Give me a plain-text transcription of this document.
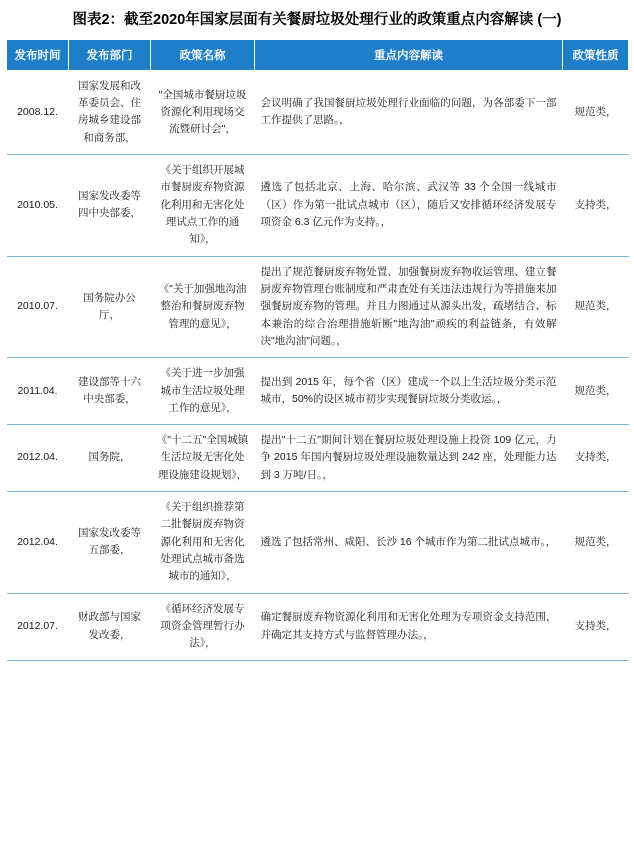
图表2：截至2020年国家层面有关餐厨垃圾处理行业的政策重点内容解读 (一)
发布时间	发布部门	政策名称	重点内容解读	政策性质
2008.12.	国家发展和改革委员会、住房城乡建设部和商务部，	"全国城市餐厨垃圾资源化利用现场交流暨研讨会"，	会议明确了我国餐厨垃圾处理行业面临的问题，为各部委下一部工作提供了思路。，	规范类，
2010.05.	国家发改委等四中央部委，	《关于组织开展城市餐厨废弃物资源化利用和无害化处理试点工作的通知》，	遴选了包括北京、上海、哈尔滨、武汉等 33 个全国一线城市（区）作为第一批试点城市（区），随后又安排循环经济发展专项资金 6.3 亿元作为支持。，	支持类，
2010.07.	国务院办公厅，	《"关于加强地沟油整治和餐厨废弃物管理的意见》，	提出了规范餐厨废弃物处置、加强餐厨废弃物收运管理、建立餐厨废弃物管理台账制度和严肃查处有关违法违规行为等措施来加强餐厨废弃物的管理。并且力图通过从源头出发，疏堵结合、标本兼治的综合治理措施斩断"地沟油"顽疾的利益链条，有效解决"地沟油"问题。，	规范类，
2011.04.	建设部等十六中央部委，	《关于进一步加强城市生活垃圾处理工作的意见》，	提出到 2015 年，每个省（区）建成一个以上生活垃圾分类示范城市，50%的设区城市初步实现餐厨垃圾分类收运。，	规范类，
2012.04.	国务院，	《"十二五"全国城镇生活垃圾无害化处理设施建设规划》，	提出"十二五"期间计划在餐厨垃圾处理设施上投资 109 亿元，力争 2015 年国内餐厨垃圾处理设施数量达到 242 座，处理能力达到 3 万吨/日。，	支持类，
2012.04.	国家发改委等五部委，	《关于组织推荐第二批餐厨废弃物资源化利用和无害化处理试点城市备选城市的通知》，	遴选了包括常州、咸阳、长沙 16 个城市作为第二批试点城市。，	规范类，
2012.07.	财政部与国家发改委，	《循环经济发展专项资金管理暂行办法》，	确定餐厨废弃物资源化利用和无害化处理为专项资金支持范围，并确定其支持方式与监督管理办法。，	支持类，
